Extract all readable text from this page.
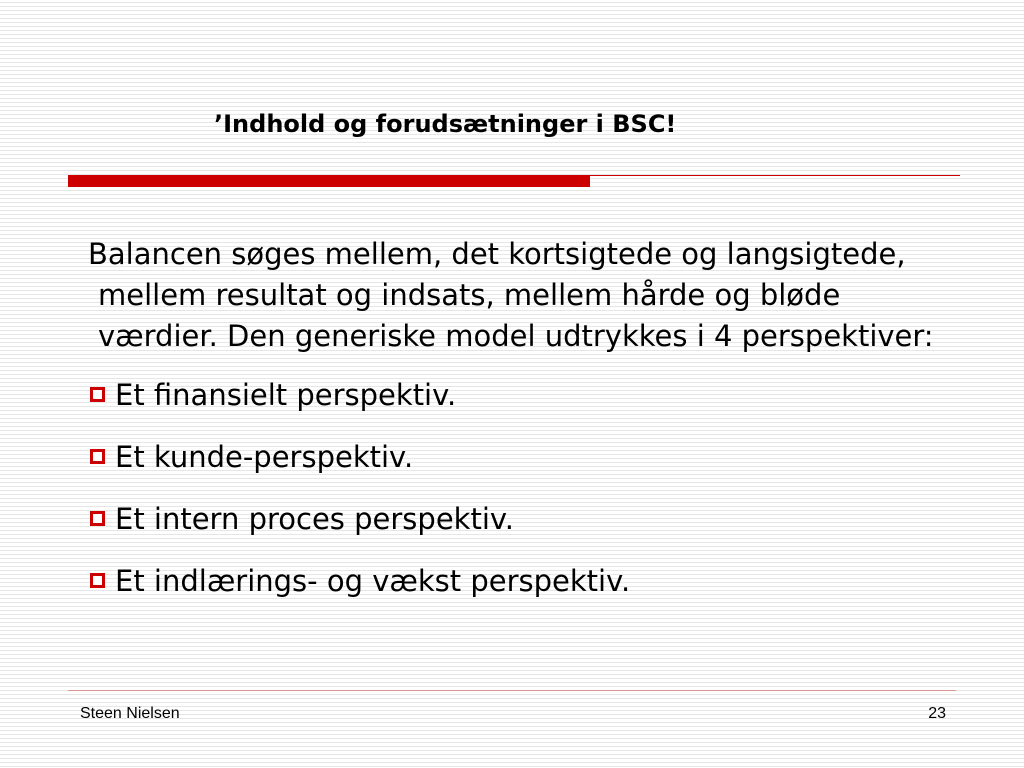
’Indhold og forudsætninger i BSC!

Balancen søges mellem, det kortsigtede og langsigtede, mellem resultat og indsats, mellem hårde og bløde værdier. Den generiske model udtrykkes i 4 perspektiver:

Et finansielt perspektiv.
Et kunde-perspektiv.
Et intern proces perspektiv.
Et indlærings- og vækst perspektiv.
Steen Nielsen	23
